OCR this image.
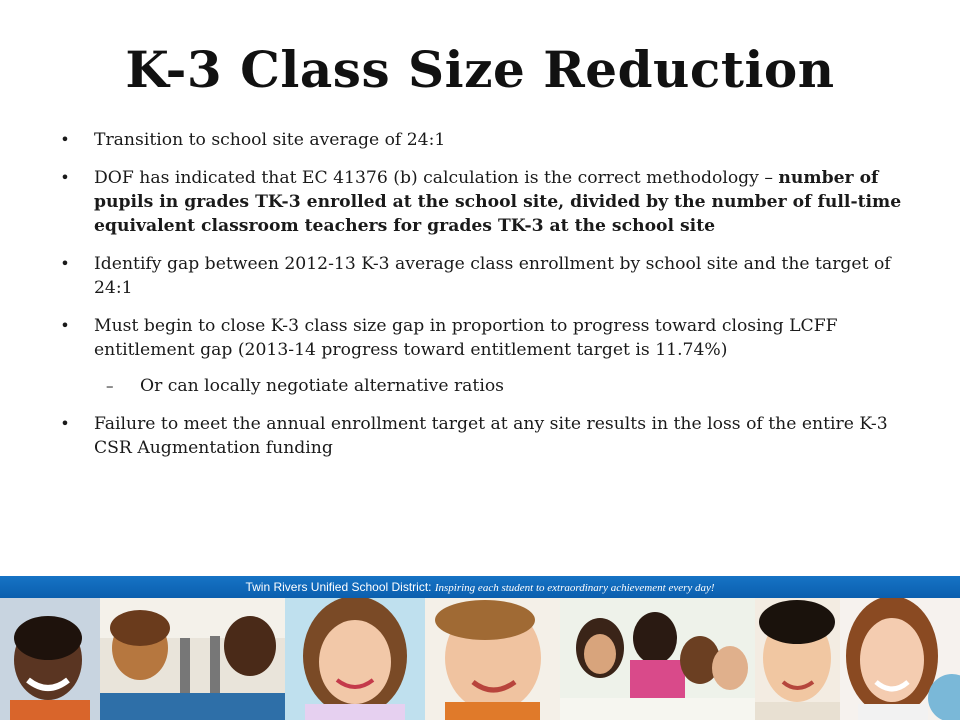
K-3 Class Size Reduction
• Transition to school site average of 24:1
• DOF has indicated that EC 41376 (b) calculation is the correct methodology – number of pupils in grades TK-3 enrolled at the school site, divided by the number of full-time equivalent classroom teachers for grades TK-3 at the school site
• Identify gap between 2012-13 K-3 average class enrollment by school site and the target of 24:1
• Must begin to close K-3 class size gap in proportion to progress toward closing LCFF entitlement gap (2013-14 progress toward entitlement target is 11.74%)
– Or can locally negotiate alternative ratios
• Failure to meet the annual enrollment target at any site results in the loss of the entire K-3 CSR Augmentation funding
Twin Rivers Unified School District: Inspiring each student to extraordinary achievement every day!
